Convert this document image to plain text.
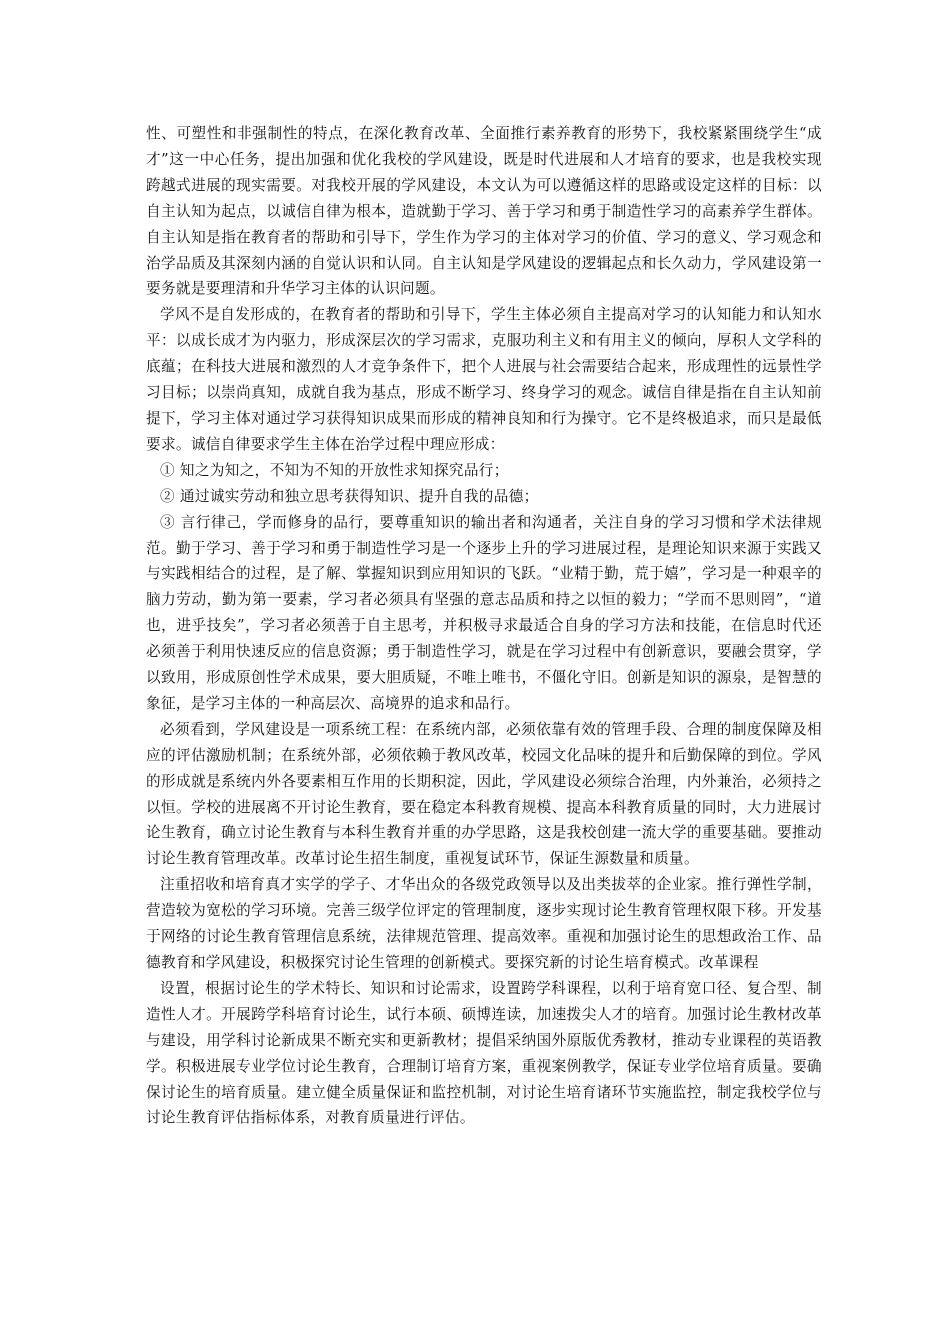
性、可塑性和非强制性的特点，在深化教育改革、全面推行素养教育的形势下，我校紧紧围绕学生“成才”这一中心任务，提出加强和优化我校的学风建设，既是时代进展和人才培育的要求，也是我校实现跨越式进展的现实需要。对我校开展的学风建设，本文认为可以遵循这样的思路或设定这样的目标：以自主认知为起点，以诚信自律为根本，造就勤于学习、善于学习和勇于制造性学习的高素养学生群体。自主认知是指在教育者的帮助和引导下，学生作为学习的主体对学习的价值、学习的意义、学习观念和治学品质及其深刻内涵的自觉认识和认同。自主认知是学风建设的逻辑起点和长久动力，学风建设第一要务就是要理清和升华学习主体的认识问题。

学风不是自发形成的，在教育者的帮助和引导下，学生主体必须自主提高对学习的认知能力和认知水平：以成长成才为内驱力，形成深层次的学习需求，克服功利主义和有用主义的倾向，厚积人文学科的底蕴；在科技大进展和激烈的人才竞争条件下，把个人进展与社会需要结合起来，形成理性的远景性学习目标；以崇尚真知，成就自我为基点，形成不断学习、终身学习的观念。诚信自律是指在自主认知前提下，学习主体对通过学习获得知识成果而形成的精神良知和行为操守。它不是终极追求，而只是最低要求。诚信自律要求学生主体在治学过程中理应形成：

① 知之为知之，不知为不知的开放性求知探究品行；

② 通过诚实劳动和独立思考获得知识、提升自我的品德；

③ 言行律己，学而修身的品行，要尊重知识的输出者和沟通者，关注自身的学习习惯和学术法律规范。勤于学习、善于学习和勇于制造性学习是一个逐步上升的学习进展过程，是理论知识来源于实践又与实践相结合的过程，是了解、掌握知识到应用知识的飞跃。“业精于勤，荒于嬉”，学习是一种艰辛的脑力劳动，勤为第一要素，学习者必须具有坚强的意志品质和持之以恒的毅力；“学而不思则罔”，“道也，进乎技矣”，学习者必须善于自主思考，并积极寻求最适合自身的学习方法和技能，在信息时代还必须善于利用快速反应的信息资源；勇于制造性学习，就是在学习过程中有创新意识，要融会贯穿，学以致用，形成原创性学术成果，要大胆质疑，不唯上唯书，不僵化守旧。创新是知识的源泉，是智慧的象征，是学习主体的一种高层次、高境界的追求和品行。

必须看到，学风建设是一项系统工程：在系统内部，必须依靠有效的管理手段、合理的制度保障及相应的评估激励机制；在系统外部，必须依赖于教风改革，校园文化品味的提升和后勤保障的到位。学风的形成就是系统内外各要素相互作用的长期积淀，因此，学风建设必须综合治理，内外兼治，必须持之以恒。学校的进展离不开讨论生教育，要在稳定本科教育规模、提高本科教育质量的同时，大力进展讨论生教育，确立讨论生教育与本科生教育并重的办学思路，这是我校创建一流大学的重要基础。要推动讨论生教育管理改革。改革讨论生招生制度，重视复试环节，保证生源数量和质量。

注重招收和培育真才实学的学子、才华出众的各级党政领导以及出类拔萃的企业家。推行弹性学制，营造较为宽松的学习环境。完善三级学位评定的管理制度，逐步实现讨论生教育管理权限下移。开发基于网络的讨论生教育管理信息系统，法律规范管理、提高效率。重视和加强讨论生的思想政治工作、品德教育和学风建设，积极探究讨论生管理的创新模式。要探究新的讨论生培育模式。改革课程

设置，根据讨论生的学术特长、知识和讨论需求，设置跨学科课程，以利于培育宽口径、复合型、制造性人才。开展跨学科培育讨论生，试行本硕、硕博连读，加速拨尖人才的培育。加强讨论生教材改革与建设，用学科讨论新成果不断充实和更新教材；提倡采纳国外原版优秀教材，推动专业课程的英语教学。积极进展专业学位讨论生教育，合理制订培育方案，重视案例教学，保证专业学位培育质量。要确保讨论生的培育质量。建立健全质量保证和监控机制，对讨论生培育诸环节实施监控，制定我校学位与讨论生教育评估指标体系，对教育质量进行评估。
